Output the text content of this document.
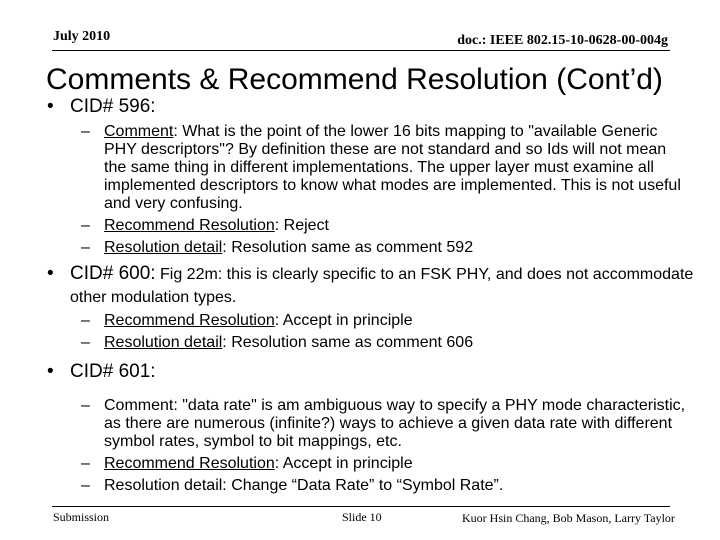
July 2010	doc.: IEEE 802.15-10-0628-00-004g
Comments & Recommend Resolution (Cont’d)
• CID# 596:
– Comment: What is the point of the lower 16 bits mapping to "available Generic PHY descriptors"? By definition these are not standard and so Ids will not mean the same thing in different implementations. The upper layer must examine all implemented descriptors to know what modes are implemented. This is not useful and very confusing.
– Recommend Resolution: Reject
– Resolution detail: Resolution same as comment 592
• CID# 600: Fig 22m: this is clearly specific to an FSK PHY, and does not accommodate other modulation types.
– Recommend Resolution: Accept in principle
– Resolution detail: Resolution same as comment 606
• CID# 601:
– Comment: "data rate" is am ambiguous way to specify a PHY mode characteristic, as there are numerous (infinite?) ways to achieve a given data rate with different symbol rates, symbol to bit mappings, etc.
– Recommend Resolution: Accept in principle
– Resolution detail: Change “Data Rate” to “Symbol Rate”.
Submission	Slide 10	Kuor Hsin Chang, Bob Mason, Larry Taylor
